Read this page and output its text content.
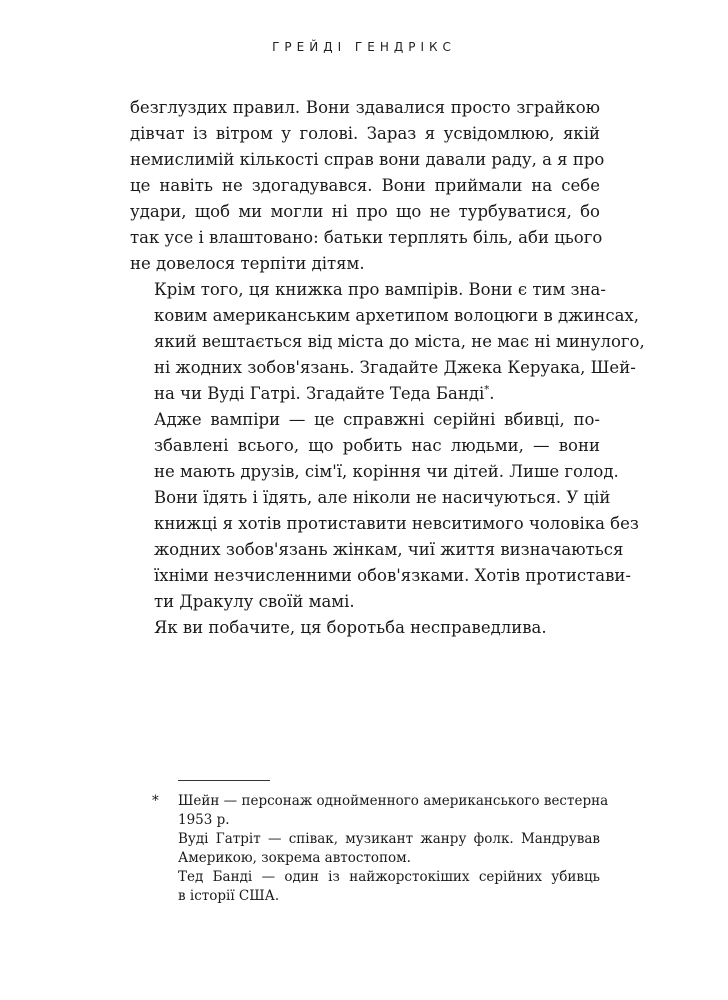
ГРЕЙДІ ГЕНДРІКС

безглуздих правил. Вони здавалися просто зграйкою
дівчат із вітром у голові. Зараз я усвідомлюю, якій
немислимій кількості справ вони давали раду, а я про
це навіть не здогадувався. Вони приймали на себе
удари, щоб ми могли ні про що не турбуватися, бо
так усе і влаштовано: батьки терплять біль, аби цього
не довелося терпіти дітям.

Крім того, ця книжка про вампірів. Вони є тим зна-
ковим американським архетипом волоцюги в джинсах,
який вештається від міста до міста, не має ні минулого,
ні жодних зобов'язань. Згадайте Джека Керуака, Шей-
на чи Вуді Гатрі. Згадайте Теда Банді*.

Адже вампіри — це справжні серійні вбивці, по-
збавлені всього, що робить нас людьми, — вони
не мають друзів, сім'ї, коріння чи дітей. Лише голод.
Вони їдять і їдять, але ніколи не насичуються. У цій
книжці я хотів протиставити невситимого чоловіка без
жодних зобов'язань жінкам, чиї життя визначаються
їхніми незчисленними обов'язками. Хотів протистави-
ти Дракулу своїй мамі.

Як ви побачите, ця боротьба несправедлива.

* Шейн — персонаж однойменного американського вестерна
1953 р.

Вуді Гатріт — співак, музикант жанру фолк. Мандрував
Америкою, зокрема автостопом.

Тед Банді — один із найжорстокіших серійних убивць
в історії США.
